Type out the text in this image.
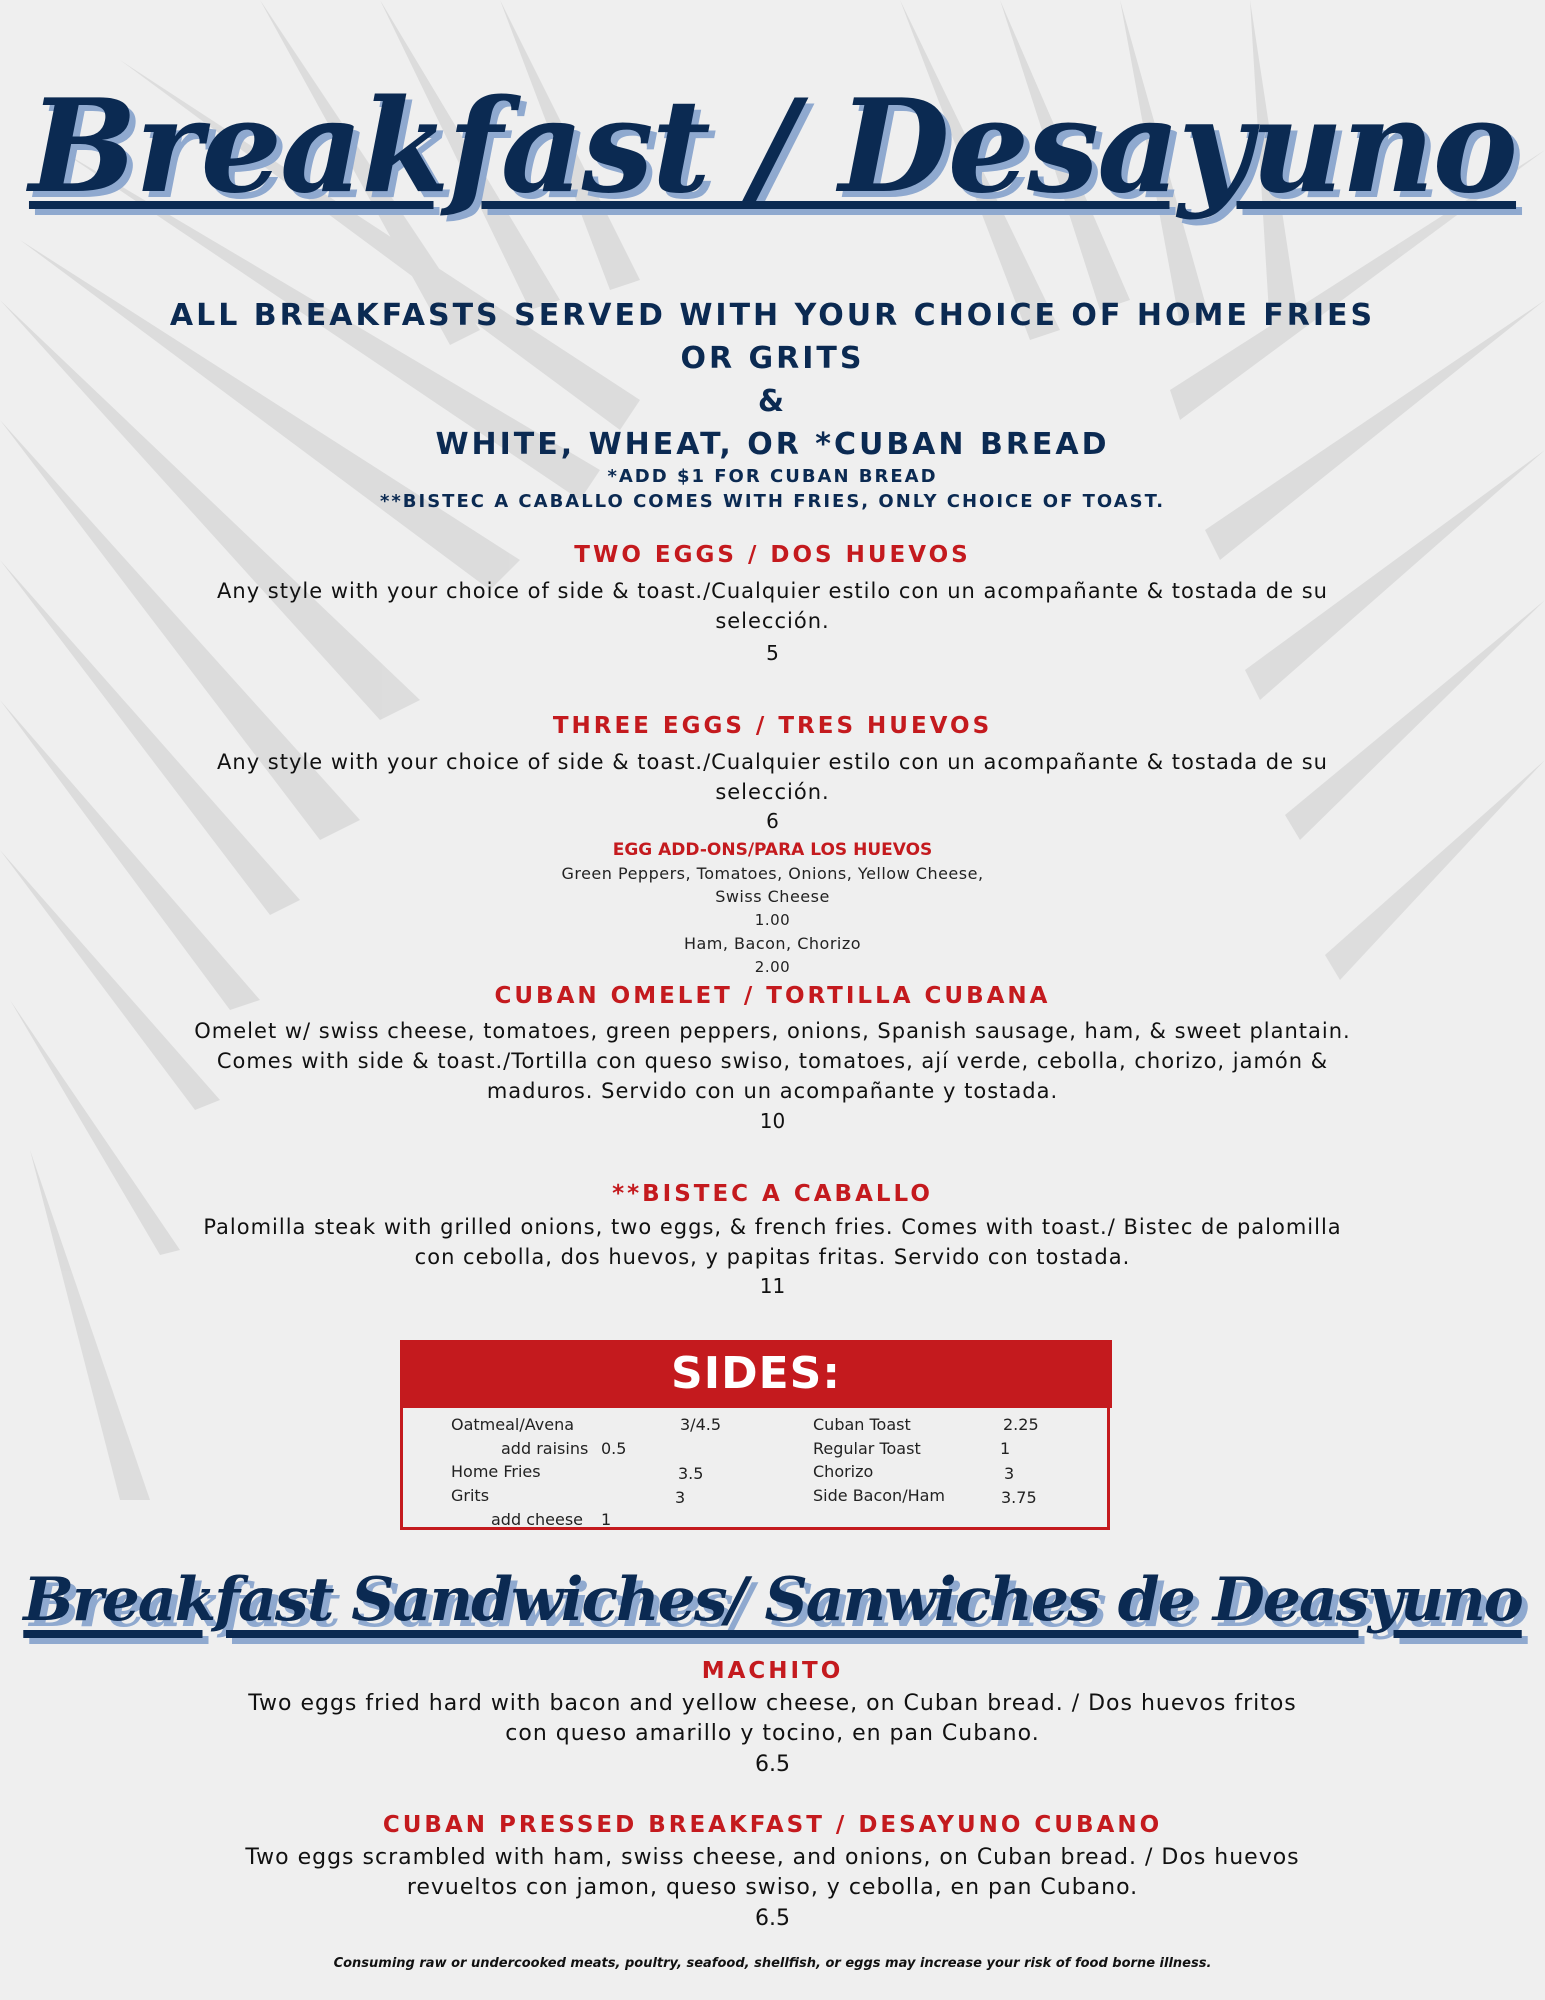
Breakfast / Desayuno
ALL BREAKFASTS SERVED WITH YOUR CHOICE OF HOME FRIES
OR GRITS
&
WHITE, WHEAT, OR *CUBAN BREAD
*ADD $1 FOR CUBAN BREAD
**BISTEC A CABALLO COMES WITH FRIES, ONLY CHOICE OF TOAST.
TWO EGGS / DOS HUEVOS
Any style with your choice of side & toast./Cualquier estilo con un acompañante & tostada de su
selección.
5
THREE EGGS / TRES HUEVOS
Any style with your choice of side & toast./Cualquier estilo con un acompañante & tostada de su
selección.
6
EGG ADD-ONS/PARA LOS HUEVOS
Green Peppers, Tomatoes, Onions, Yellow Cheese,
Swiss Cheese
1.00
Ham, Bacon, Chorizo
2.00
CUBAN OMELET / TORTILLA CUBANA
Omelet w/ swiss cheese, tomatoes, green peppers, onions, Spanish sausage, ham, & sweet plantain.
Comes with side & toast./Tortilla con queso swiso, tomatoes, ají verde, cebolla, chorizo, jamón &
maduros. Servido con un acompañante y tostada.
10
**BISTEC A CABALLO
Palomilla steak with grilled onions, two eggs, & french fries. Comes with toast./ Bistec de palomilla
con cebolla, dos huevos, y papitas fritas. Servido con tostada.
11
SIDES:
Oatmeal/Avena	3/4.5
add raisins 0.5
Home Fries	3.5
Grits	3
add cheese 1
Cuban Toast	2.25
Regular Toast	1
Chorizo	3
Side Bacon/Ham	3.75
Breakfast Sandwiches/ Sanwiches de Deasyuno
MACHITO
Two eggs fried hard with bacon and yellow cheese, on Cuban bread. / Dos huevos fritos
con queso amarillo y tocino, en pan Cubano.
6.5
CUBAN PRESSED BREAKFAST / DESAYUNO CUBANO
Two eggs scrambled with ham, swiss cheese, and onions, on Cuban bread. / Dos huevos
revueltos con jamon, queso swiso, y cebolla, en pan Cubano.
6.5
Consuming raw or undercooked meats, poultry, seafood, shellfish, or eggs may increase your risk of food borne illness.
